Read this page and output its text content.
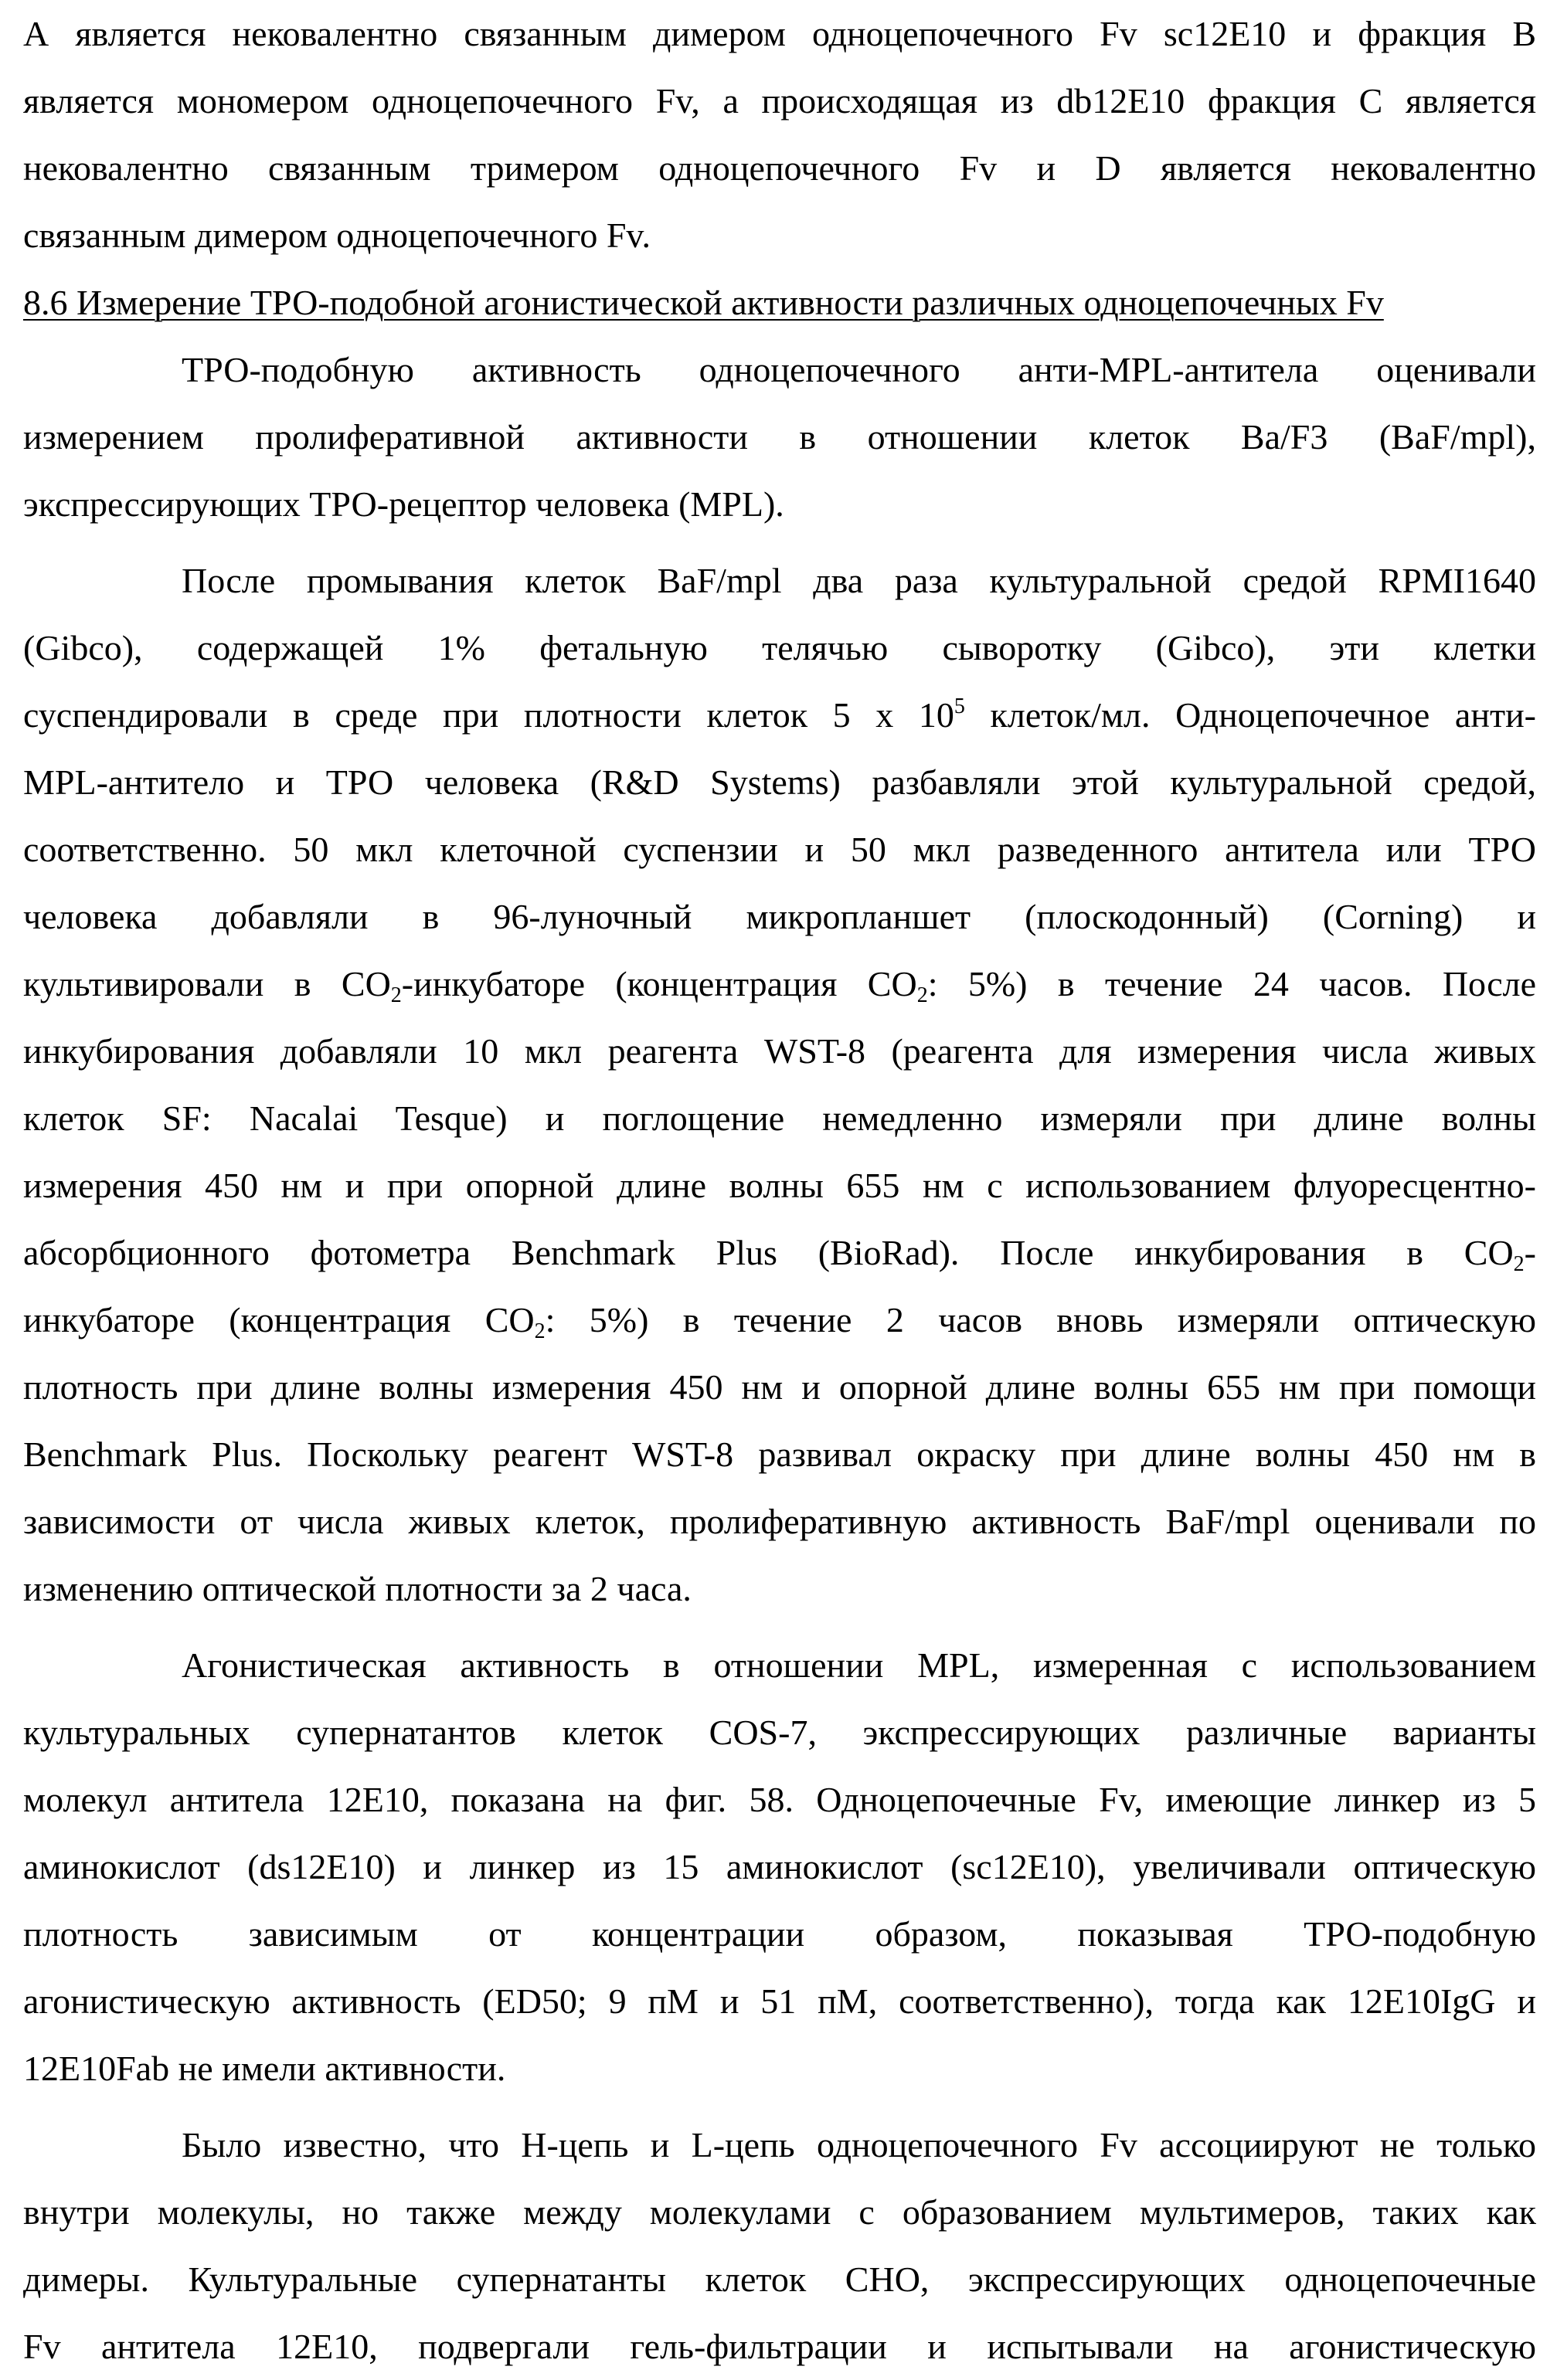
А является нековалентно связанным димером одноцепочечного Fv sc12E10 и фракция В
является мономером одноцепочечного Fv, а происходящая из db12E10 фракция С является
нековалентно связанным тримером одноцепочечного Fv и D является нековалентно
связанным димером одноцепочечного Fv.
8.6 Измерение ТРО-подобной агонистической активности различных одноцепочечных Fv
ТРО-подобную активность одноцепочечного анти-MPL-антитела оценивали
измерением пролиферативной активности в отношении клеток Ba/F3 (BaF/mpl),
экспрессирующих ТРО-рецептор человека (MPL).
После промывания клеток BaF/mpl два раза культуральной средой RPMI1640
(Gibco), содержащей 1% фетальную телячью сыворотку (Gibco), эти клетки
суспендировали в среде при плотности клеток 5 x 105 клеток/мл. Одноцепочечное анти-
MPL-антитело и ТРО человека (R&D Systems) разбавляли этой культуральной средой,
соответственно. 50 мкл клеточной суспензии и 50 мкл разведенного антитела или ТРО
человека добавляли в 96-луночный микропланшет (плоскодонный) (Corning) и
культивировали в CO2-инкубаторе (концентрация CO2: 5%) в течение 24 часов. После
инкубирования добавляли 10 мкл реагента WST-8 (реагента для измерения числа живых
клеток SF: Nacalai Tesque) и поглощение немедленно измеряли при длине волны
измерения 450 нм и при опорной длине волны 655 нм с использованием флуоресцентно-
абсорбционного фотометра Benchmark Plus (BioRad). После инкубирования в CO2-
инкубаторе (концентрация CO2: 5%) в течение 2 часов вновь измеряли оптическую
плотность при длине волны измерения 450 нм и опорной длине волны 655 нм при помощи
Benchmark Plus. Поскольку реагент WST-8 развивал окраску при длине волны 450 нм в
зависимости от числа живых клеток, пролиферативную активность BaF/mpl оценивали по
изменению оптической плотности за 2 часа.
Агонистическая активность в отношении MPL, измеренная с использованием
культуральных супернатантов клеток COS-7, экспрессирующих различные варианты
молекул антитела 12E10, показана на фиг. 58. Одноцепочечные Fv, имеющие линкер из 5
аминокислот (ds12E10) и линкер из 15 аминокислот (sc12E10), увеличивали оптическую
плотность зависимым от концентрации образом, показывая ТРО-подобную
агонистическую активность (ED50; 9 пМ и 51 пМ, соответственно), тогда как 12E10IgG и
12E10Fab не имели активности.
Было известно, что Н-цепь и L-цепь одноцепочечного Fv ассоциируют не только
внутри молекулы, но также между молекулами с образованием мультимеров, таких как
димеры. Культуральные супернатанты клеток СНО, экспрессирующих одноцепочечные
Fv антитела 12E10, подвергали гель-фильтрации и испытывали на агонистическую
